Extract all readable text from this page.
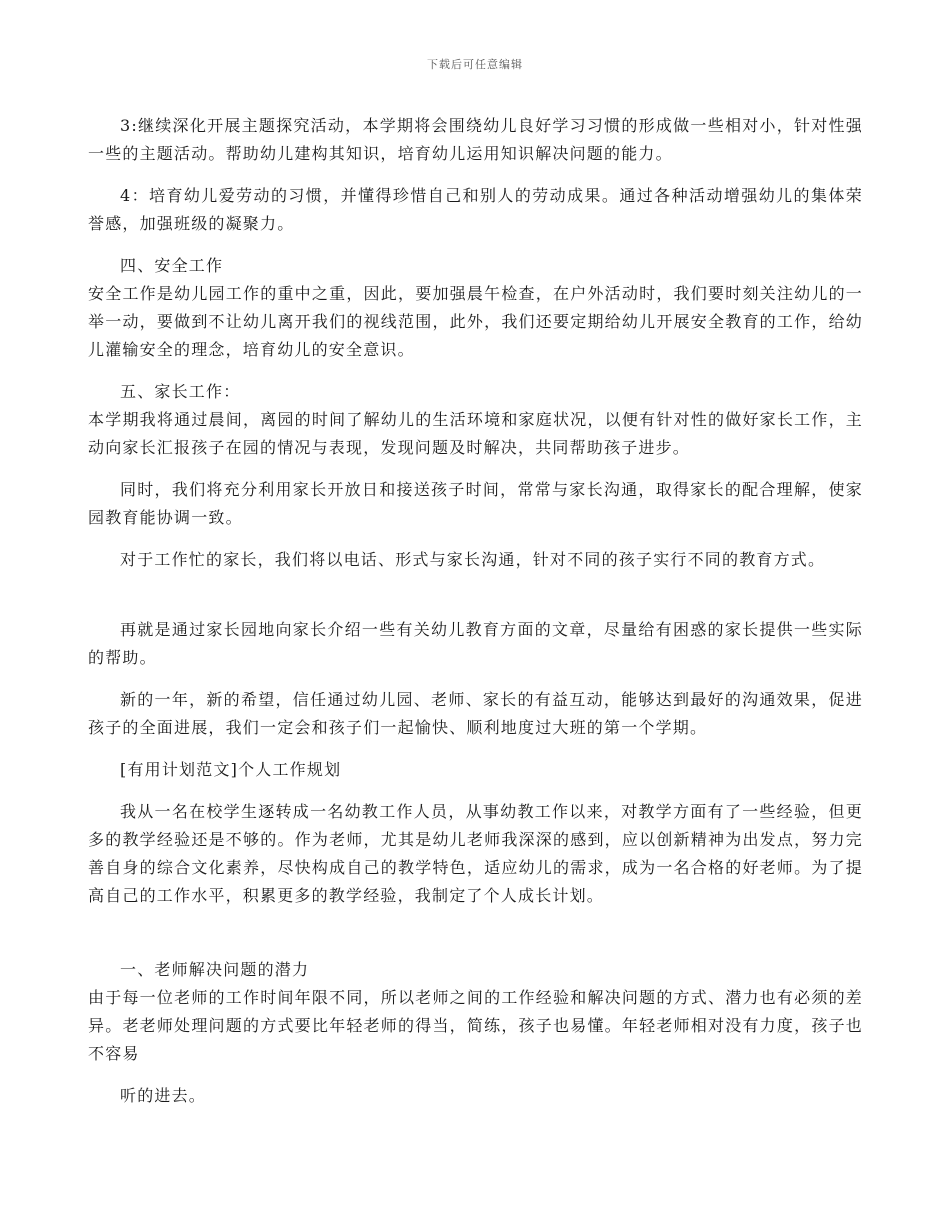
下载后可任意编辑

3:继续深化开展主题探究活动，本学期将会围绕幼儿良好学习习惯的形成做一些相对小，针对性强一些的主题活动。帮助幼儿建构其知识，培育幼儿运用知识解决问题的能力。

4：培育幼儿爱劳动的习惯，并懂得珍惜自己和别人的劳动成果。通过各种活动增强幼儿的集体荣誉感，加强班级的凝聚力。

四、安全工作

安全工作是幼儿园工作的重中之重，因此，要加强晨午检查，在户外活动时，我们要时刻关注幼儿的一举一动，要做到不让幼儿离开我们的视线范围，此外，我们还要定期给幼儿开展安全教育的工作，给幼儿灌输安全的理念，培育幼儿的安全意识。

五、家长工作：

本学期我将通过晨间，离园的时间了解幼儿的生活环境和家庭状况，以便有针对性的做好家长工作，主动向家长汇报孩子在园的情况与表现，发现问题及时解决，共同帮助孩子进步。

同时，我们将充分利用家长开放日和接送孩子时间，常常与家长沟通，取得家长的配合理解，使家园教育能协调一致。

对于工作忙的家长，我们将以电话、形式与家长沟通，针对不同的孩子实行不同的教育方式。

再就是通过家长园地向家长介绍一些有关幼儿教育方面的文章，尽量给有困惑的家长提供一些实际的帮助。

新的一年，新的希望，信任通过幼儿园、老师、家长的有益互动，能够达到最好的沟通效果，促进孩子的全面进展，我们一定会和孩子们一起愉快、顺利地度过大班的第一个学期。

[有用计划范文]个人工作规划

我从一名在校学生逐转成一名幼教工作人员，从事幼教工作以来，对教学方面有了一些经验，但更多的教学经验还是不够的。作为老师，尤其是幼儿老师我深深的感到，应以创新精神为出发点，努力完善自身的综合文化素养，尽快构成自己的教学特色，适应幼儿的需求，成为一名合格的好老师。为了提高自己的工作水平，积累更多的教学经验，我制定了个人成长计划。

一、老师解决问题的潜力

由于每一位老师的工作时间年限不同，所以老师之间的工作经验和解决问题的方式、潜力也有必须的差异。老老师处理问题的方式要比年轻老师的得当，简练，孩子也易懂。年轻老师相对没有力度，孩子也不容易

听的进去。
